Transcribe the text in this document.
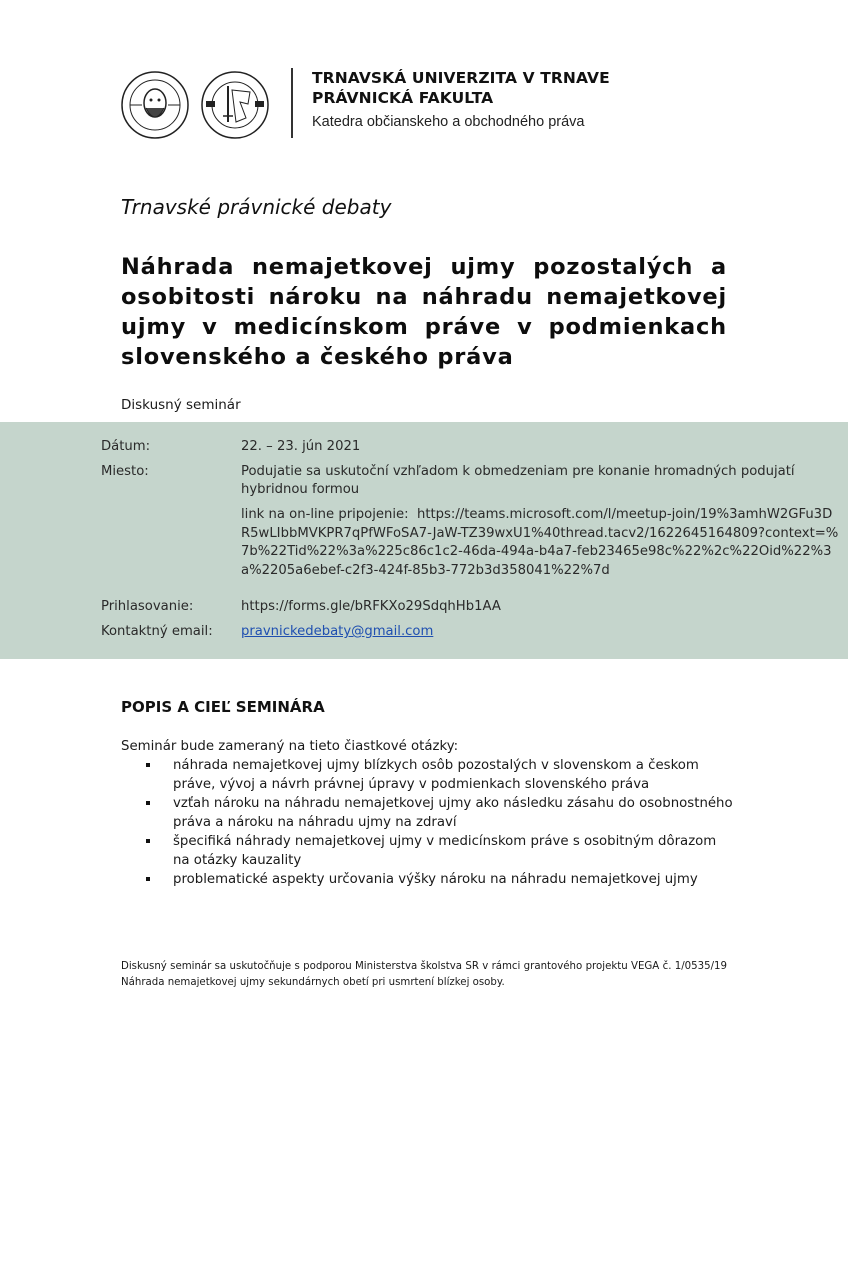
TRNAVSKÁ UNIVERZITA V TRNAVE
PRÁVNICKÁ FAKULTA
Katedra občianskeho a obchodného práva
Trnavské právnické debaty
Náhrada nemajetkovej ujmy pozostalých a osobitosti nároku na náhradu nemajetkovej ujmy v medicínskom práve v podmienkach slovenského a českého práva
Diskusný seminár
Dátum:	22. – 23. jún 2021
Miesto:	Podujatie sa uskutoční vzhľadom k obmedzeniam pre konanie hromadných podujatí hybridnou formou
link na on-line pripojenie: https://teams.microsoft.com/l/meetup-join/19%3amhW2GFu3DR5wLIbbMVKPR7qPfWFoSA7-JaW-TZ39wxU1%40thread.tacv2/1622645164809?context=%7b%22Tid%22%3a%225c86c1c2-46da-494a-b4a7-feb23465e98c%22%2c%22Oid%22%3a%2205a6ebef-c2f3-424f-85b3-772b3d358041%22%7d
Prihlasovanie:	https://forms.gle/bRFKXo29SdqhHb1AA
Kontaktný email:	pravnickedebaty@gmail.com
POPIS A CIEĽ SEMINÁRA
Seminár bude zameraný na tieto čiastkové otázky:
náhrada nemajetkovej ujmy blízkych osôb pozostalých v slovenskom a českom práve, vývoj a návrh právnej úpravy v podmienkach slovenského práva
vzťah nároku na náhradu nemajetkovej ujmy ako následku zásahu do osobnostného práva a nároku na náhradu ujmy na zdraví
špecifiká náhrady nemajetkovej ujmy v medicínskom práve s osobitným dôrazom na otázky kauzality
problematické aspekty určovania výšky nároku na náhradu nemajetkovej ujmy
Diskusný seminár sa uskutočňuje s podporou Ministerstva školstva SR v rámci grantového projektu VEGA č. 1/0535/19 Náhrada nemajetkovej ujmy sekundárnych obetí pri usmrtení blízkej osoby.
